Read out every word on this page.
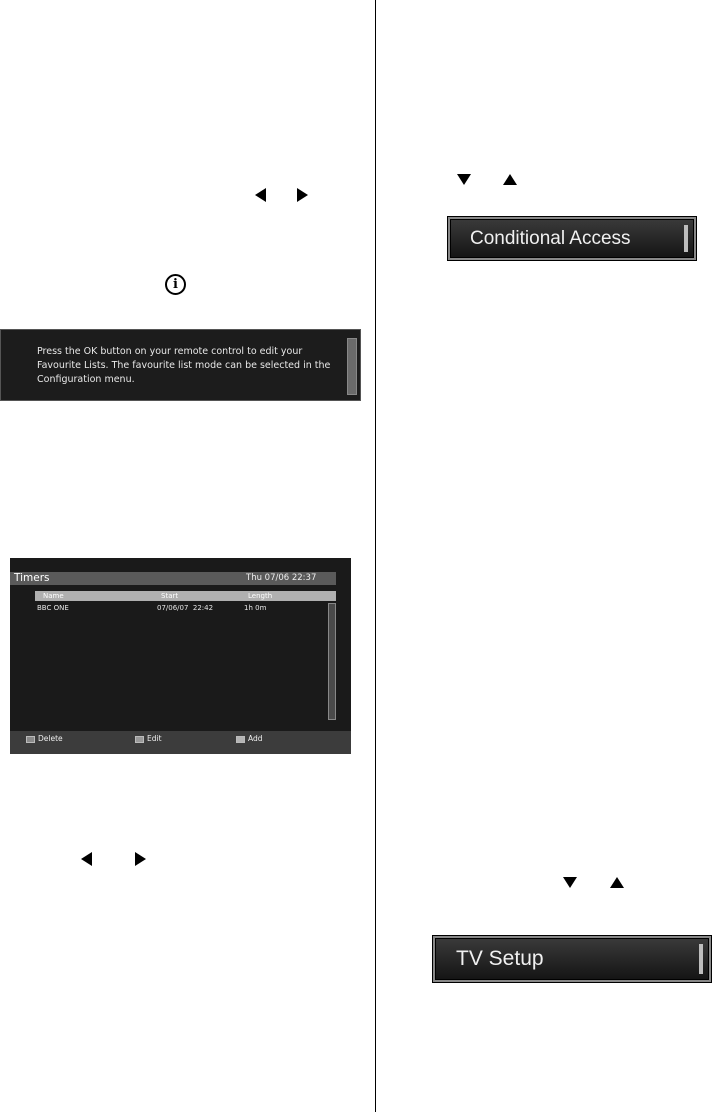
i
Press the OK button on your remote control to edit your Favourite Lists. The favourite list mode can be selected in the Configuration menu.
Timers	Thu 07/06 22:37
Name	Start	Length
BBC ONE	07/06/07  22:42	1h 0m
Delete	Edit	Add
Conditional Access
TV Setup
